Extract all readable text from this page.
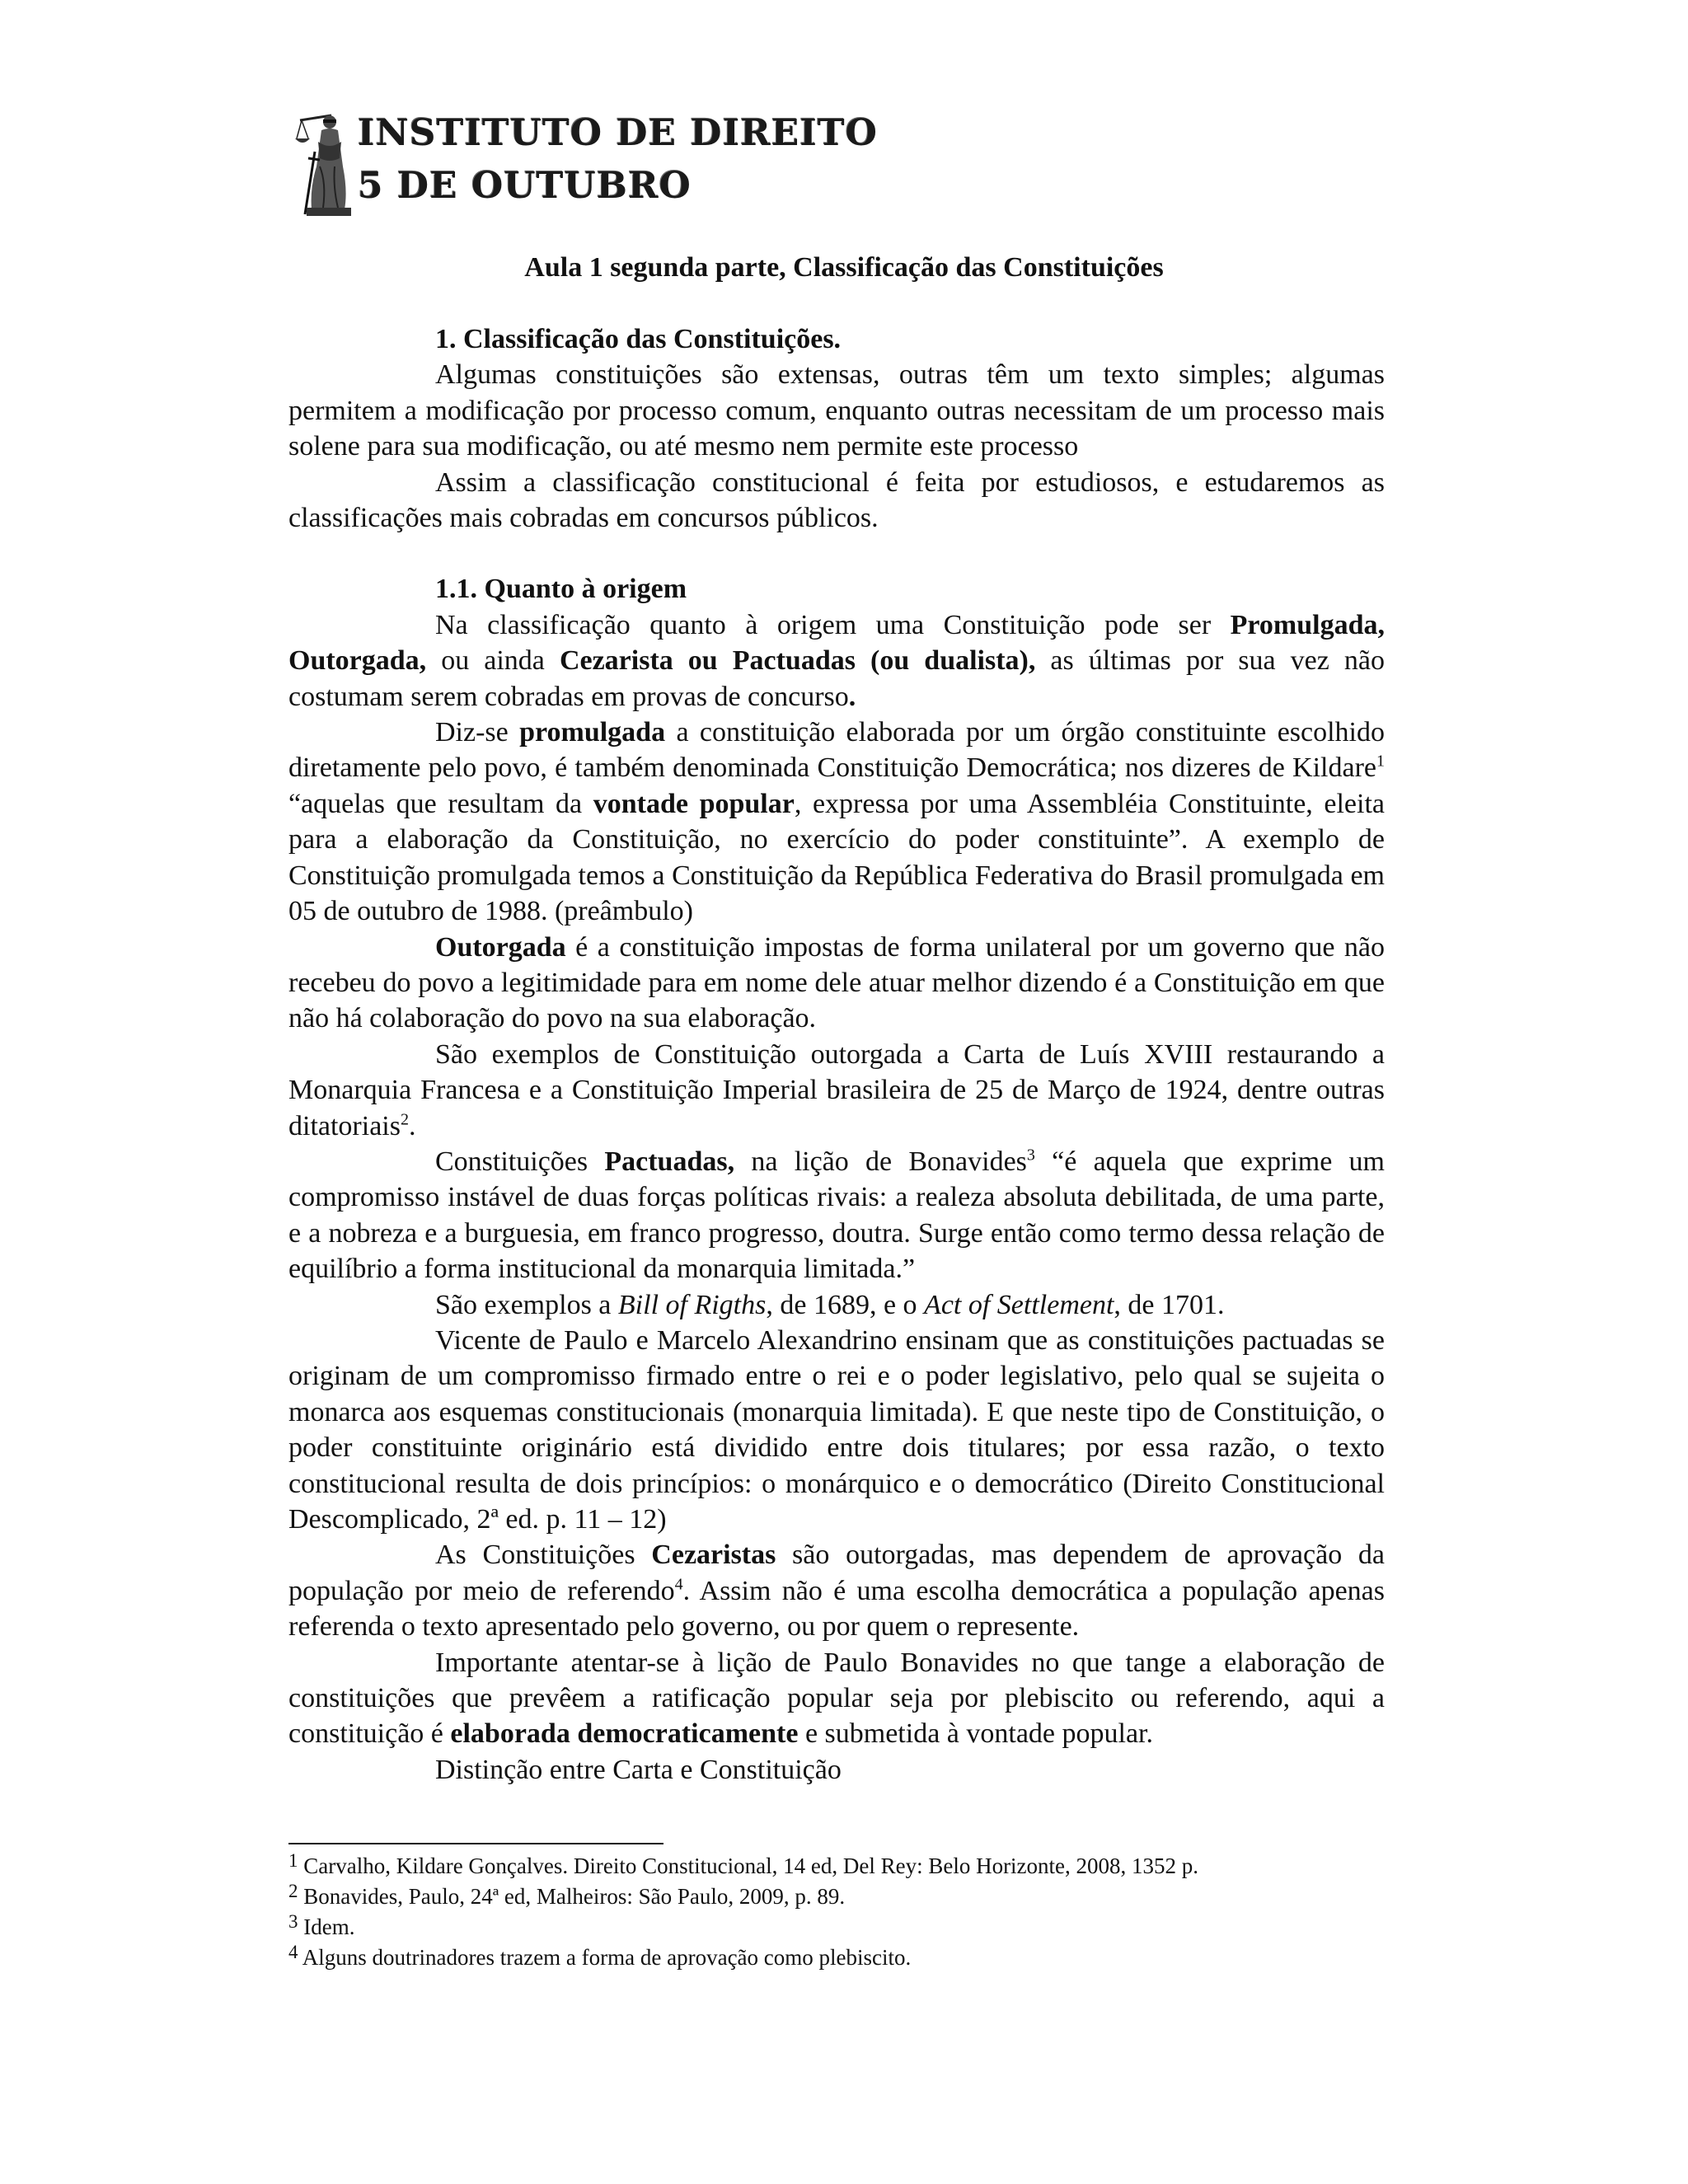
INSTITUTO DE DIREITO
5 DE OUTUBRO
Aula 1 segunda parte, Classificação das Constituições
1. Classificação das Constituições.

Algumas constituições são extensas, outras têm um texto simples; algumas permitem a modificação por processo comum, enquanto outras necessitam de um processo mais solene para sua modificação, ou até mesmo nem permite este processo

Assim a classificação constitucional é feita por estudiosos, e estudaremos as classificações mais cobradas em concursos públicos.

1.1. Quanto à origem

Na classificação quanto à origem uma Constituição pode ser Promulgada, Outorgada, ou ainda Cezarista ou Pactuadas (ou dualista), as últimas por sua vez não costumam serem cobradas em provas de concurso.

Diz-se promulgada a constituição elaborada por um órgão constituinte escolhido diretamente pelo povo, é também denominada Constituição Democrática; nos dizeres de Kildare$^1$ “aquelas que resultam da vontade popular, expressa por uma Assembléia Constituinte, eleita para a elaboração da Constituição, no exercício do poder constituinte”. A exemplo de Constituição promulgada temos a Constituição da República Federativa do Brasil promulgada em 05 de outubro de 1988. (preâmbulo)

Outorgada é a constituição impostas de forma unilateral por um governo que não recebeu do povo a legitimidade para em nome dele atuar melhor dizendo é a Constituição em que não há colaboração do povo na sua elaboração.

São exemplos de Constituição outorgada a Carta de Luís XVIII restaurando a Monarquia Francesa e a Constituição Imperial brasileira de 25 de Março de 1924, dentre outras ditatoriais$^2$.

Constituições Pactuadas, na lição de Bonavides$^3$ “é aquela que exprime um compromisso instável de duas forças políticas rivais: a realeza absoluta debilitada, de uma parte, e a nobreza e a burguesia, em franco progresso, doutra. Surge então como termo dessa relação de equilíbrio a forma institucional da monarquia limitada.”

São exemplos a Bill of Rigths, de 1689, e o Act of Settlement, de 1701.

Vicente de Paulo e Marcelo Alexandrino ensinam que as constituições pactuadas se originam de um compromisso firmado entre o rei e o poder legislativo, pelo qual se sujeita o monarca aos esquemas constitucionais (monarquia limitada). E que neste tipo de Constituição, o poder constituinte originário está dividido entre dois titulares; por essa razão, o texto constitucional resulta de dois princípios: o monárquico e o democrático (Direito Constitucional Descomplicado, 2ª ed. p. 11 – 12)

As Constituições Cezaristas são outorgadas, mas dependem de aprovação da população por meio de referendo$^4$. Assim não é uma escolha democrática a população apenas referenda o texto apresentado pelo governo, ou por quem o represente.

Importante atentar-se à lição de Paulo Bonavides no que tange a elaboração de constituições que prevêem a ratificação popular seja por plebiscito ou referendo, aqui a constituição é elaborada democraticamente e submetida à vontade popular.

Distinção entre Carta e Constituição

$^1$ Carvalho, Kildare Gonçalves. Direito Constitucional, 14 ed, Del Rey: Belo Horizonte, 2008, 1352 p.

$^2$ Bonavides, Paulo, 24ª ed, Malheiros: São Paulo, 2009, p. 89.

$^3$ Idem.

$^4$ Alguns doutrinadores trazem a forma de aprovação como plebiscito.
